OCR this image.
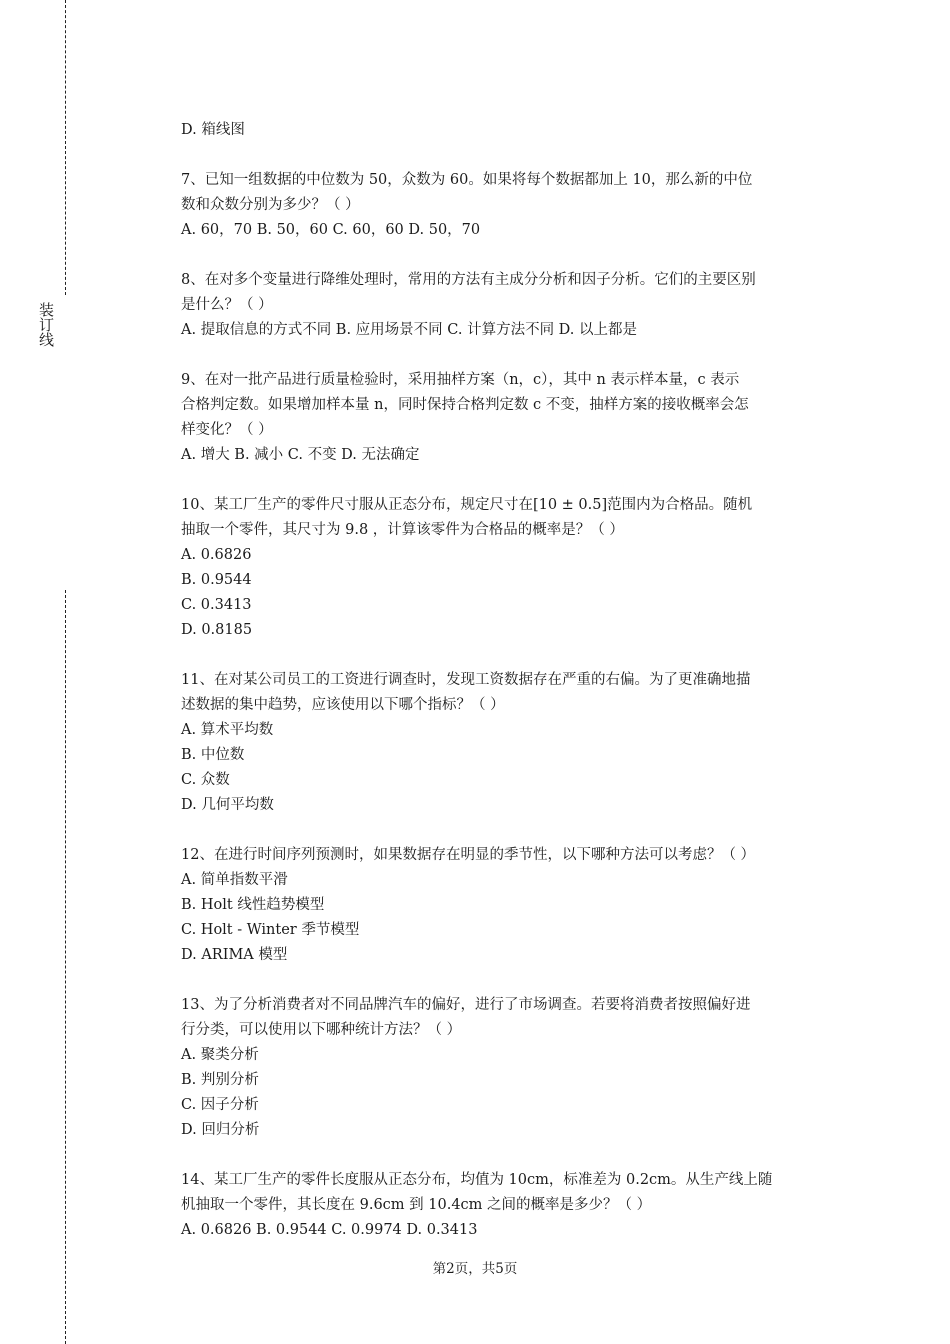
装订线
D. 箱线图
7、已知一组数据的中位数为 50，众数为 60。如果将每个数据都加上 10，那么新的中位
数和众数分别为多少？（ ）
A. 60，70 B. 50，60 C. 60，60 D. 50，70
8、在对多个变量进行降维处理时，常用的方法有主成分分析和因子分析。它们的主要区别
是什么？（ ）
A. 提取信息的方式不同 B. 应用场景不同 C. 计算方法不同 D. 以上都是
9、在对一批产品进行质量检验时，采用抽样方案（n，c），其中 n 表示样本量，c 表示
合格判定数。如果增加样本量 n，同时保持合格判定数 c 不变，抽样方案的接收概率会怎
样变化？（ ）
A. 增大 B. 减小 C. 不变 D. 无法确定
10、某工厂生产的零件尺寸服从正态分布，规定尺寸在[10 ± 0.5]范围内为合格品。随机
抽取一个零件，其尺寸为 9.8 ，计算该零件为合格品的概率是？（ ）
A. 0.6826
B. 0.9544
C. 0.3413
D. 0.8185
11、在对某公司员工的工资进行调查时，发现工资数据存在严重的右偏。为了更准确地描
述数据的集中趋势，应该使用以下哪个指标？（ ）
A. 算术平均数
B. 中位数
C. 众数
D. 几何平均数
12、在进行时间序列预测时，如果数据存在明显的季节性，以下哪种方法可以考虑？（ ）
A. 简单指数平滑
B. Holt 线性趋势模型
C. Holt - Winter 季节模型
D. ARIMA 模型
13、为了分析消费者对不同品牌汽车的偏好，进行了市场调查。若要将消费者按照偏好进
行分类，可以使用以下哪种统计方法？（ ）
A. 聚类分析
B. 判别分析
C. 因子分析
D. 回归分析
14、某工厂生产的零件长度服从正态分布，均值为 10cm，标准差为 0.2cm。从生产线上随
机抽取一个零件，其长度在 9.6cm 到 10.4cm 之间的概率是多少？（ ）
A. 0.6826 B. 0.9544 C. 0.9974 D. 0.3413
第2页，共5页
